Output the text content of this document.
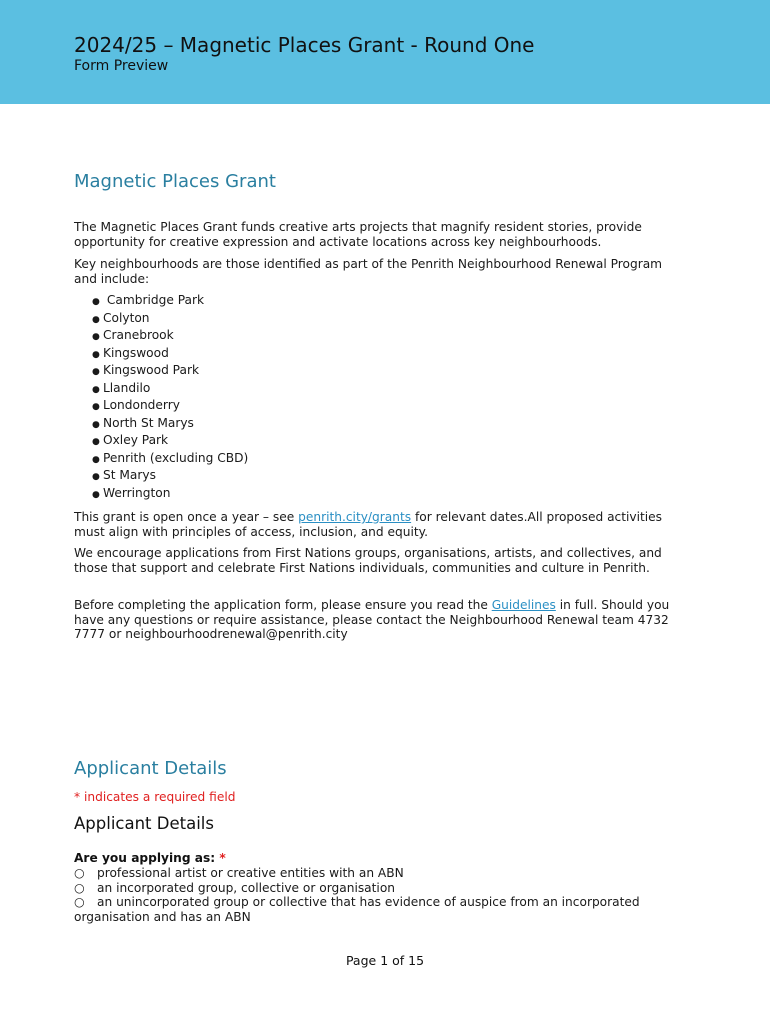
2024/25 – Magnetic Places Grant - Round One
Form Preview
Magnetic Places Grant

The Magnetic Places Grant funds creative arts projects that magnify resident stories, provide opportunity for creative expression and activate locations across key neighbourhoods.

Key neighbourhoods are those identified as part of the Penrith Neighbourhood Renewal Program and include:

● Cambridge Park
● Colyton
● Cranebrook
● Kingswood
● Kingswood Park
● Llandilo
● Londonderry
● North St Marys
● Oxley Park
● Penrith (excluding CBD)
● St Marys
● Werrington

This grant is open once a year – see penrith.city/grants for relevant dates.All proposed activities must align with principles of access, inclusion, and equity.

We encourage applications from First Nations groups, organisations, artists, and collectives, and those that support and celebrate First Nations individuals, communities and culture in Penrith.

Before completing the application form, please ensure you read the Guidelines in full. Should you have any questions or require assistance, please contact the Neighbourhood Renewal team 4732 7777 or neighbourhoodrenewal@penrith.city

Applicant Details
* indicates a required field
Applicant Details
Are you applying as: *
○ professional artist or creative entities with an ABN
○ an incorporated group, collective or organisation
○ an unincorporated group or collective that has evidence of auspice from an incorporated organisation and has an ABN
Page 1 of 15
